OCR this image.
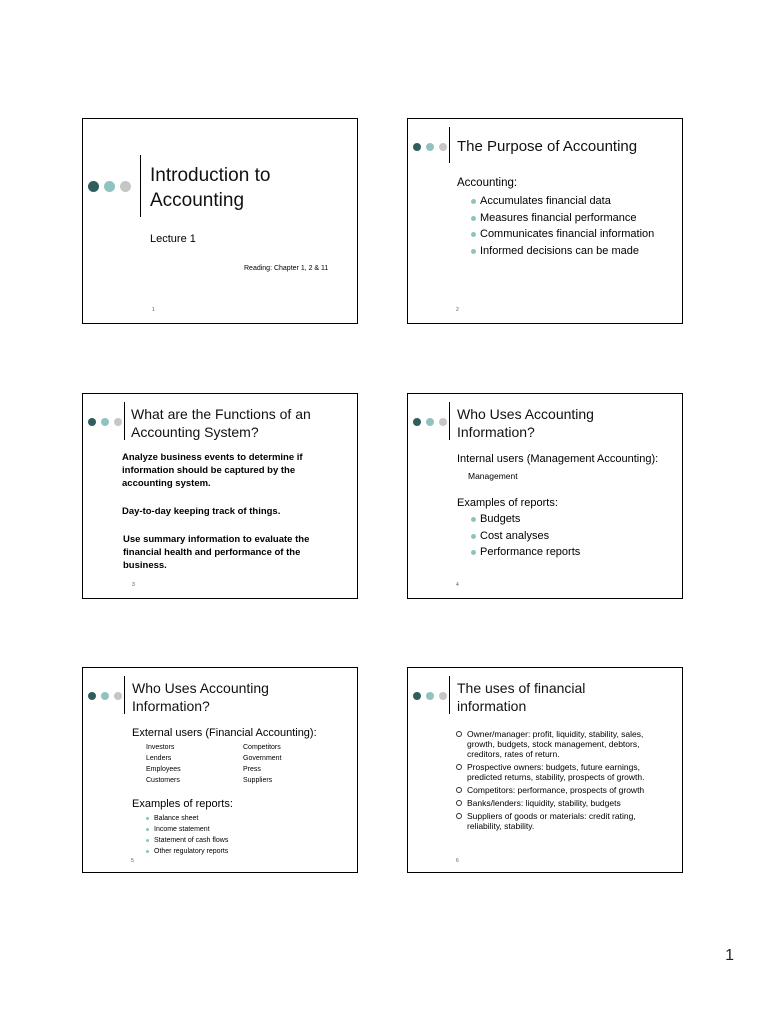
Introduction to
Accounting
Lecture 1
Reading: Chapter 1, 2 & 11
1
The Purpose of Accounting
Accounting:
Accumulates financial data
Measures financial performance
Communicates financial information
Informed decisions can be made
2
What are the Functions of an
Accounting System?
Analyze business events to determine if information should be captured by the accounting system.
Day-to-day keeping track of things.
Use summary information to evaluate the financial health and performance of the business.
3
Who Uses Accounting
Information?
Internal users (Management Accounting):
Management
Examples of reports:
Budgets
Cost analyses
Performance reports
4
Who Uses Accounting
Information?
External users (Financial Accounting):
Investors	Competitors
Lenders	Government
Employees	Press
Customers	Suppliers
Examples of reports:
Balance sheet
Income statement
Statement of cash flows
Other regulatory reports
5
The uses of financial
information
Owner/manager: profit, liquidity, stability, sales, growth, budgets, stock management, debtors, creditors, rates of return.
Prospective owners: budgets, future earnings, predicted returns, stability, prospects of growth.
Competitors: performance, prospects of growth
Banks/lenders: liquidity, stability, budgets
Suppliers of goods or materials: credit rating, reliability, stability.
6
1
